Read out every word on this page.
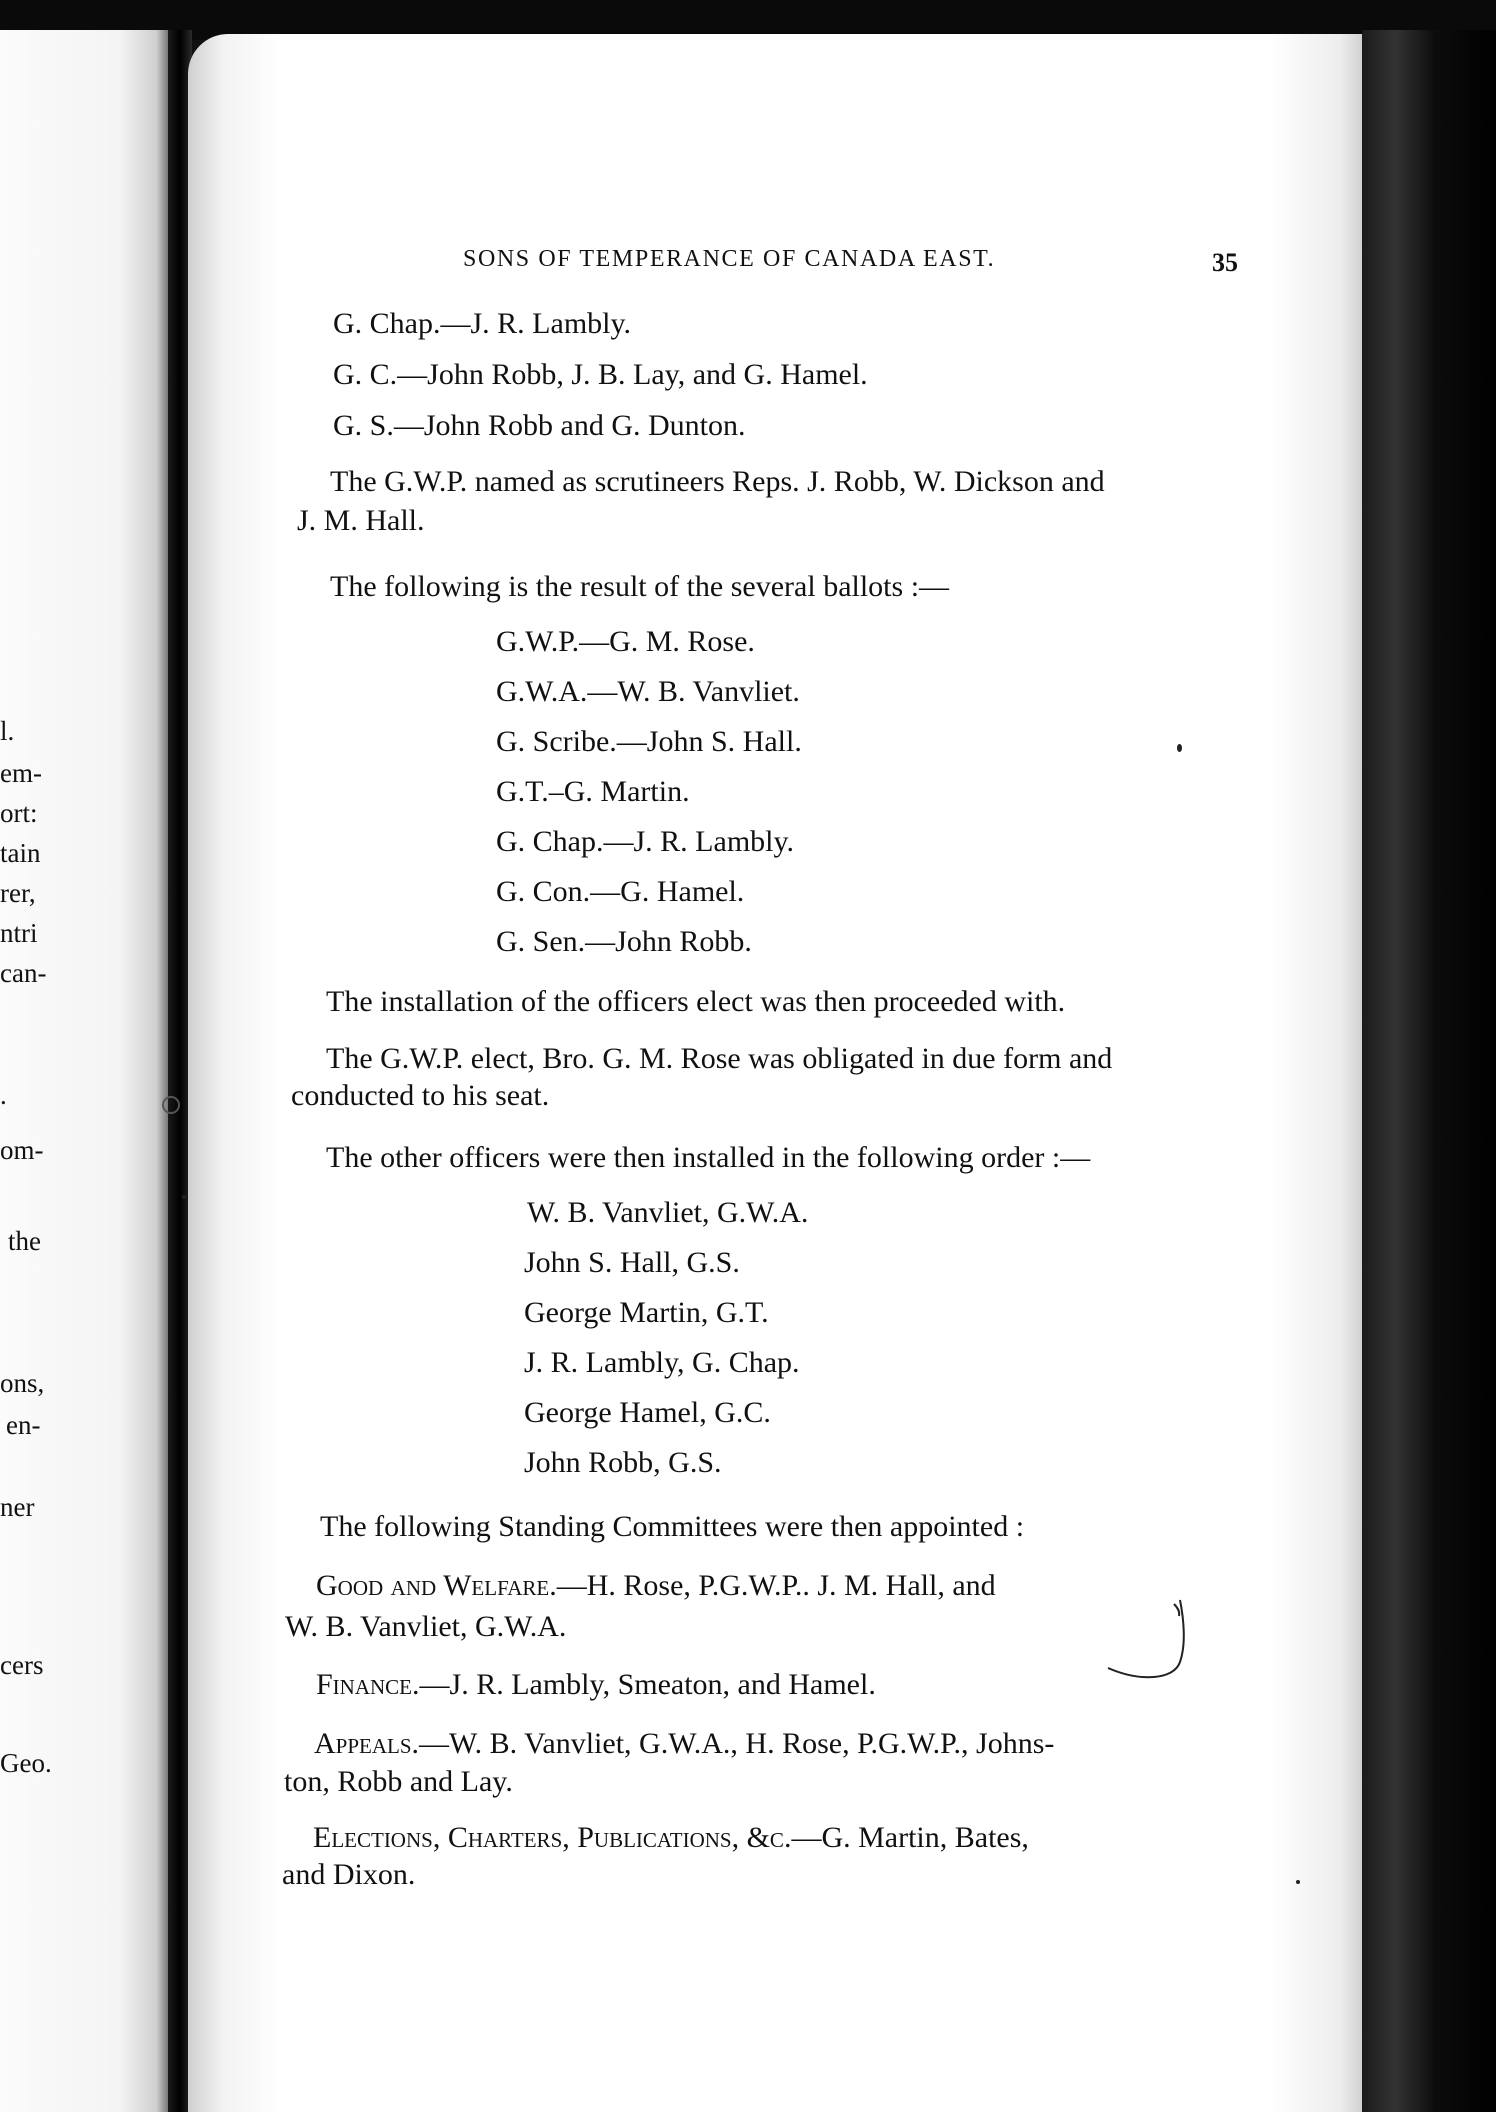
l.
em-
ort:
tain
rer,
ntri
can-
.
om-
the
ons,
en-
ner
cers
Geo.
SONS OF TEMPERANCE OF CANADA EAST.	35
G. Chap.—J. R. Lambly.
G. C.—John Robb, J. B. Lay, and G. Hamel.
G. S.—John Robb and G. Dunton.
The G.W.P. named as scrutineers Reps. J. Robb, W. Dickson and
J. M. Hall.
The following is the result of the several ballots :—
G.W.P.—G. M. Rose.
G.W.A.—W. B. Vanvliet.
G. Scribe.—John S. Hall.
G.T.–G. Martin.
G. Chap.—J. R. Lambly.
G. Con.—G. Hamel.
G. Sen.—John Robb.
The installation of the officers elect was then proceeded with.
The G.W.P. elect, Bro. G. M. Rose was obligated in due form and
conducted to his seat.
The other officers were then installed in the following order :—
W. B. Vanvliet, G.W.A.
John S. Hall, G.S.
George Martin, G.T.
J. R. Lambly, G. Chap.
George Hamel, G.C.
John Robb, G.S.
The following Standing Committees were then appointed :
Good and Welfare.—H. Rose, P.G.W.P.. J. M. Hall, and
W. B. Vanvliet, G.W.A.
Finance.—J. R. Lambly, Smeaton, and Hamel.
Appeals.—W. B. Vanvliet, G.W.A., H. Rose, P.G.W.P., Johns-
ton, Robb and Lay.
Elections, Charters, Publications, &c.—G. Martin, Bates,
and Dixon.
